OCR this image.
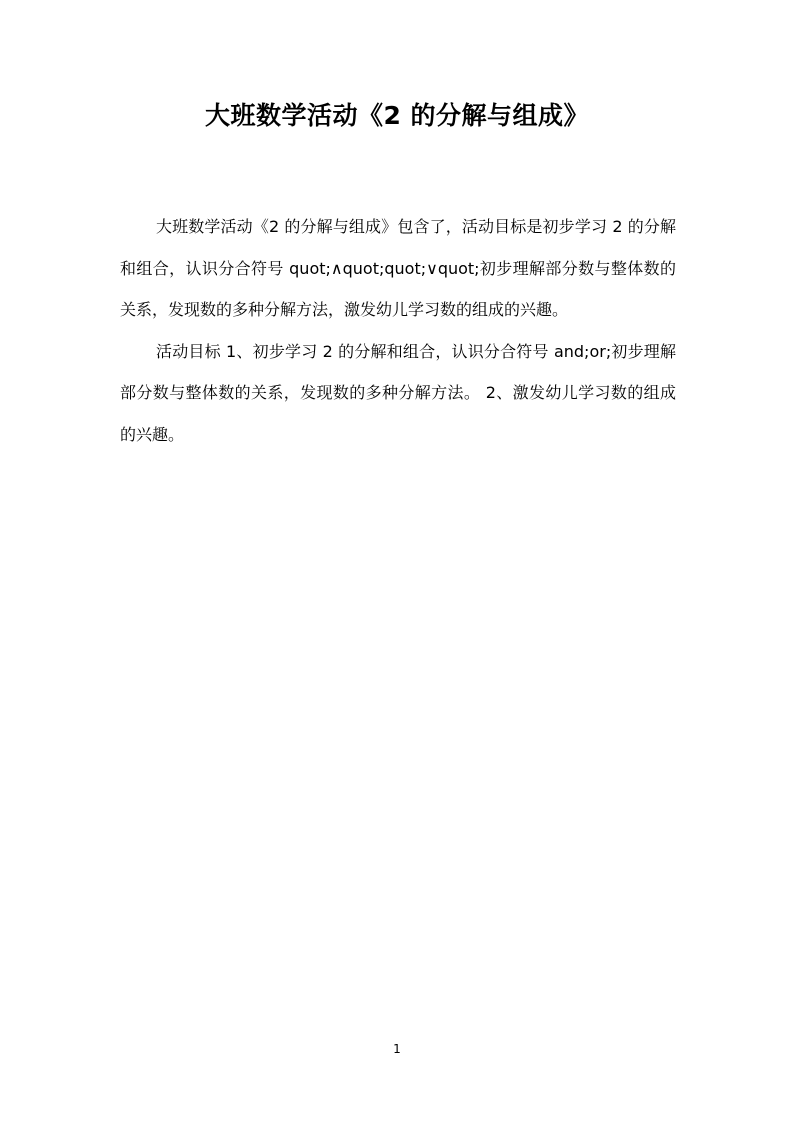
大班数学活动《2 的分解与组成》

大班数学活动《2 的分解与组成》包含了，活动目标是初步学习 2 的分解和组合，认识分合符号 quot;∧quot;quot;∨quot;初步理解部分数与整体数的关系，发现数的多种分解方法，激发幼儿学习数的组成的兴趣。

活动目标 1、初步学习 2 的分解和组合，认识分合符号 and;or;初步理解部分数与整体数的关系，发现数的多种分解方法。 2、激发幼儿学习数的组成的兴趣。

1
